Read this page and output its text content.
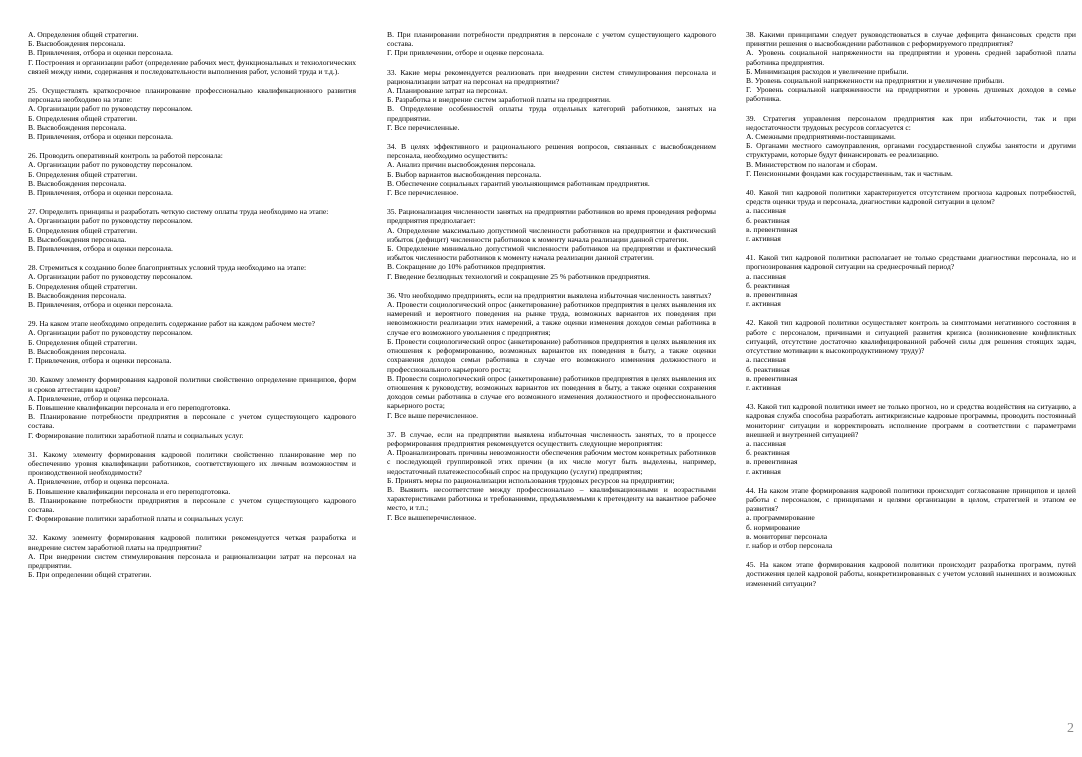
А. Определения общей стратегии.
Б. Высвобождения персонала.
В. Привлечения, отбора и оценки персонала.
Г. Построения и организации работ (определение рабочих мест, функциональных и технологических связей между ними, содержания и последовательности выполнения работ, условий труда и т.д.).
25. Осуществлять краткосрочное планирование профессионально квалификационного развития персонала необходимо на этапе:
А. Организации работ по руководству персоналом.
Б. Определения общей стратегии.
В. Высвобождения персонала.
В. Привлечения, отбора и оценки персонала.
26. Проводить оперативный контроль за работой персонала:
А. Организации работ по руководству персоналом.
Б. Определения общей стратегии.
В. Высвобождения персонала.
В. Привлечения, отбора и оценки персонала.
27. Определить принципы и разработать четкую систему оплаты труда необходимо на этапе:
А. Организации работ по руководству персоналом.
Б. Определения общей стратегии.
В. Высвобождения персонала.
В. Привлечения, отбора и оценки персонала.
28. Стремиться к созданию более благоприятных условий труда необходимо на этапе:
А. Организации работ по руководству персоналом.
Б. Определения общей стратегии.
В. Высвобождения персонала.
В. Привлечения, отбора и оценки персонала.
29. На каком этапе необходимо определить содержание работ на каждом рабочем месте?
А. Организации работ по руководству персоналом.
Б. Определения общей стратегии.
В. Высвобождения персонала.
Г. Привлечения, отбора и оценки персонала.
30. Какому элементу формирования кадровой политики свойственно определение принципов, форм и сроков аттестации кадров?
А. Привлечение, отбор и оценка персонала.
Б. Повышение квалификации персонала и его переподготовка.
В. Планирование потребности предприятия в персонале с учетом существующего кадрового состава.
Г. Формирование политики заработной платы и социальных услуг.
31. Какому элементу формирования кадровой политики свойственно планирование мер по обеспечению уровня квалификации работников, соответствующего их личным возможностям и производственной необходимости?
А. Привлечение, отбор и оценка персонала.
Б. Повышение квалификации персонала и его переподготовка.
В. Планирование потребности предприятия в персонале с учетом существующего кадрового состава.
Г. Формирование политики заработной платы и социальных услуг.
32. Какому элементу формирования кадровой политики рекомендуется четкая разработка и внедрение систем заработной платы на предприятии?
А. При внедрении систем стимулирования персонала и рационализации затрат на персонал на предприятии.
Б. При определении общей стратегии.
В. При планировании потребности предприятия в персонале с учетом существующего кадрового состава.
Г. При привлечении, отборе и оценке персонала.
33. Какие меры рекомендуется реализовать при внедрении систем стимулирования персонала и рационализации затрат на персонал на предприятии?
А. Планирование затрат на персонал.
Б. Разработка и внедрение систем заработной платы на предприятии.
В. Определение особенностей оплаты труда отдельных категорий работников, занятых на предприятии.
Г. Все перечисленные.
34. В целях эффективного и рационального решения вопросов, связанных с высвобождением персонала, необходимо осуществить:
А. Анализ причин высвобождения персонала.
Б. Выбор вариантов высвобождения персонала.
В. Обеспечение социальных гарантий увольняющимся работникам предприятия.
Г. Все перечисленное.
35. Рационализация численности занятых на предприятии работников во время проведения реформы предприятия предполагает:
А. Определение максимально допустимой численности работников на предприятии и фактический избыток (дефицит) численности работников к моменту начала реализации данной стратегии.
Б. Определение минимально допустимой численности работников на предприятии и фактический избыток численности работников к моменту начала реализации данной стратегии.
В. Сокращение до 10% работников предприятия.
Г. Введение безлюдных технологий и сокращение 25 % работников предприятия.
36. Что необходимо предпринять, если на предприятии выявлена избыточная численность занятых?
А. Провести социологический опрос (анкетирование) работников предприятия в целях выявления их намерений и вероятного поведения на рынке труда, возможных вариантов их поведения при невозможности реализации этих намерений, а также оценки изменения доходов семьи работника в случае его возможного увольнения с предприятия;
Б. Провести социологический опрос (анкетирование) работников предприятия в целях выявления их отношения к реформированию, возможных вариантов их поведения в быту, а также оценки сохранения доходов семьи работника в случае его возможного изменения должностного и профессионального карьерного роста;
В. Провести социологический опрос (анкетирование) работников предприятия в целях выявления их отношения к руководству, возможных вариантов их поведения в быту, а также оценки сохранения доходов семьи работника в случае его возможного изменения должностного и профессионального карьерного роста;
Г. Все выше перечисленное.
37. В случае, если на предприятии выявлена избыточная численность занятых, то в процессе реформирования предприятия рекомендуется осуществить следующие мероприятия:
А. Проанализировать причины невозможности обеспечения рабочим местом конкретных работников с последующей группировкой этих причин (в их числе могут быть выделены, например, недостаточный платежеспособный спрос на продукцию (услуги) предприятия;
Б. Принять меры по рационализации использования трудовых ресурсов на предприятии;
В. Выявить несоответствие между профессионально – квалификационными и возрастными характеристиками работника и требованиями, предъявляемыми к претенденту на вакантное рабочее место, и т.п.;
Г. Все вышеперечисленное.
38. Какими принципами следует руководствоваться в случае дефицита финансовых средств при принятии решения о высвобождении работников с реформируемого предприятия?
А. Уровень социальной напряженности на предприятии и уровень средней заработной платы работника предприятия.
Б. Минимизация расходов и увеличение прибыли.
В. Уровень социальной напряженности на предприятии и увеличение прибыли.
Г. Уровень социальной напряженности на предприятии и уровень душевых доходов в семье работника.
39. Стратегия управления персоналом предприятия как при избыточности, так и при недостаточности трудовых ресурсов согласуется с:
А. Смежными предприятиями-поставщиками.
Б. Органами местного самоуправления, органами государственной службы занятости и другими структурами, которые будут финансировать ее реализацию.
В. Министерством по налогам и сборам.
Г. Пенсионными фондами как государственным, так и частным.
40. Какой тип кадровой политики характеризуется отсутствием прогноза кадровых потребностей, средств оценки труда и персонала, диагностики кадровой ситуации в целом?
а. пассивная
б. реактивная
в. превентивная
г. активная
41. Какой тип кадровой политики располагает не только средствами диагностики персонала, но и прогнозирования кадровой ситуации на среднесрочный период?
а. пассивная
б. реактивная
в. превентивная
г. активная
42. Какой тип кадровой политики осуществляет контроль за симптомами негативного состояния в работе с персоналом, причинами и ситуацией развития кризиса (возникновение конфликтных ситуаций, отсутствие достаточно квалифицированной рабочей силы для решения стоящих задач, отсутствие мотивации к высокопродуктивному труду)?
а. пассивная
б. реактивная
в. превентивная
г. активная
43. Какой тип кадровой политики имеет не только прогноз, но и средства воздействия на ситуацию, а кадровая служба способна разработать антикризисные кадровые программы, проводить постоянный мониторинг ситуации и корректировать исполнение программ в соответствии с параметрами внешней и внутренней ситуацией?
а. пассивная
б. реактивная
в. превентивная
г. активная
44. На каком этапе формирования кадровой политики происходит согласование принципов и целей работы с персоналом, с принципами и целями организации в целом, стратегией и этапом ее развития?
а. программирование
б. нормирование
в. мониторинг персонала
г. набор и отбор персонала
45. На каком этапе формирования кадровой политики происходит разработка программ, путей достижения целей кадровой работы, конкретизированных с учетом условий нынешних и возможных изменений ситуации?
2
